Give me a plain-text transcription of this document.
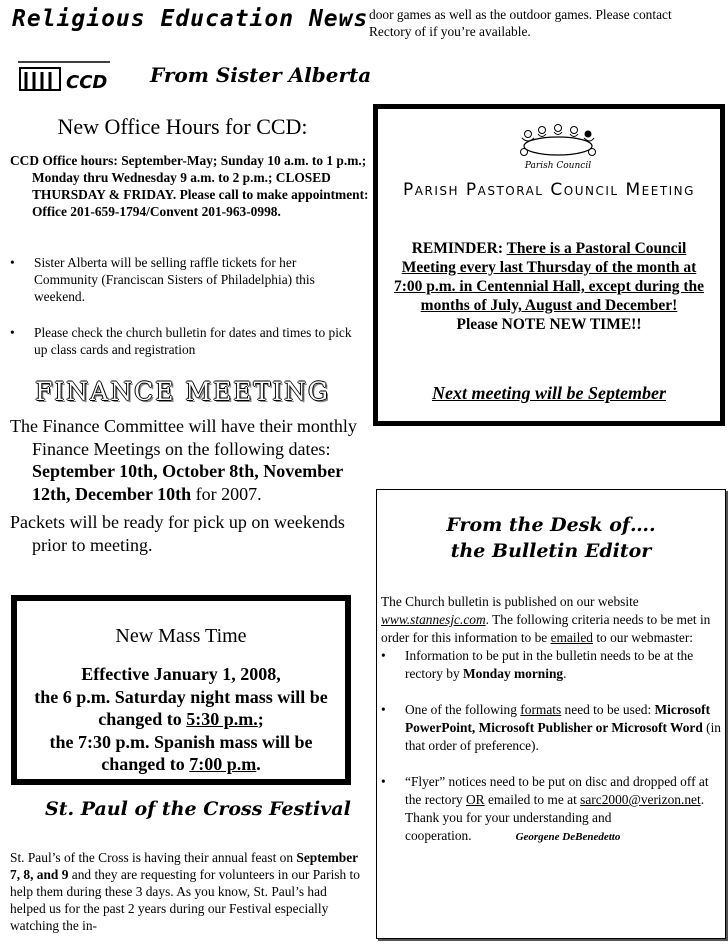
Religious Education News
CCD From Sister Alberta
New Office Hours for CCD:
CCD Office hours: September-May; Sunday 10 a.m. to 1 p.m.; Monday thru Wednesday 9 a.m. to 2 p.m.; CLOSED THURSDAY & FRIDAY. Please call to make appointment: Office 201-659-1794/Convent 201-963-0998.
• Sister Alberta will be selling raffle tickets for her Community (Franciscan Sisters of Philadelphia) this weekend.
• Please check the church bulletin for dates and times to pick up class cards and registration
FINANCE MEETING

The Finance Committee will have their monthly Finance Meetings on the following dates: September 10th, October 8th, November 12th, December 10th for 2007.

Packets will be ready for pick up on weekends prior to meeting.

New Mass Time
Effective January 1, 2008,
the 6 p.m. Saturday night mass will be changed to 5:30 p.m.;
the 7:30 p.m. Spanish mass will be changed to 7:00 p.m.
St. Paul of the Cross Festival
St. Paul’s of the Cross is having their annual feast on September 7, 8, and 9 and they are requesting for volunteers in our Parish to help them during these 3 days. As you know, St. Paul’s had helped us for the past 2 years during our Festival especially watching the in-
door games as well as the outdoor games. Please contact Rectory of if you’re available.
Parish Council
Parish Pastoral Council Meeting
REMINDER: There is a Pastoral Council Meeting every last Thursday of the month at 7:00 p.m. in Centennial Hall, except during the months of July, August and December!
Please NOTE NEW TIME!!
Next meeting will be September
From the Desk of….
the Bulletin Editor
The Church bulletin is published on our website www.stannesjc.com. The following criteria needs to be met in order for this information to be emailed to our webmaster:
• Information to be put in the bulletin needs to be at the rectory by Monday morning.
• One of the following formats need to be used: Microsoft PowerPoint, Microsoft Publisher or Microsoft Word (in that order of preference).
• “Flyer” notices need to be put on disc and dropped off at the rectory OR emailed to me at sarc2000@verizon.net.
Thank you for your understanding and cooperation.	Georgene DeBenedetto
